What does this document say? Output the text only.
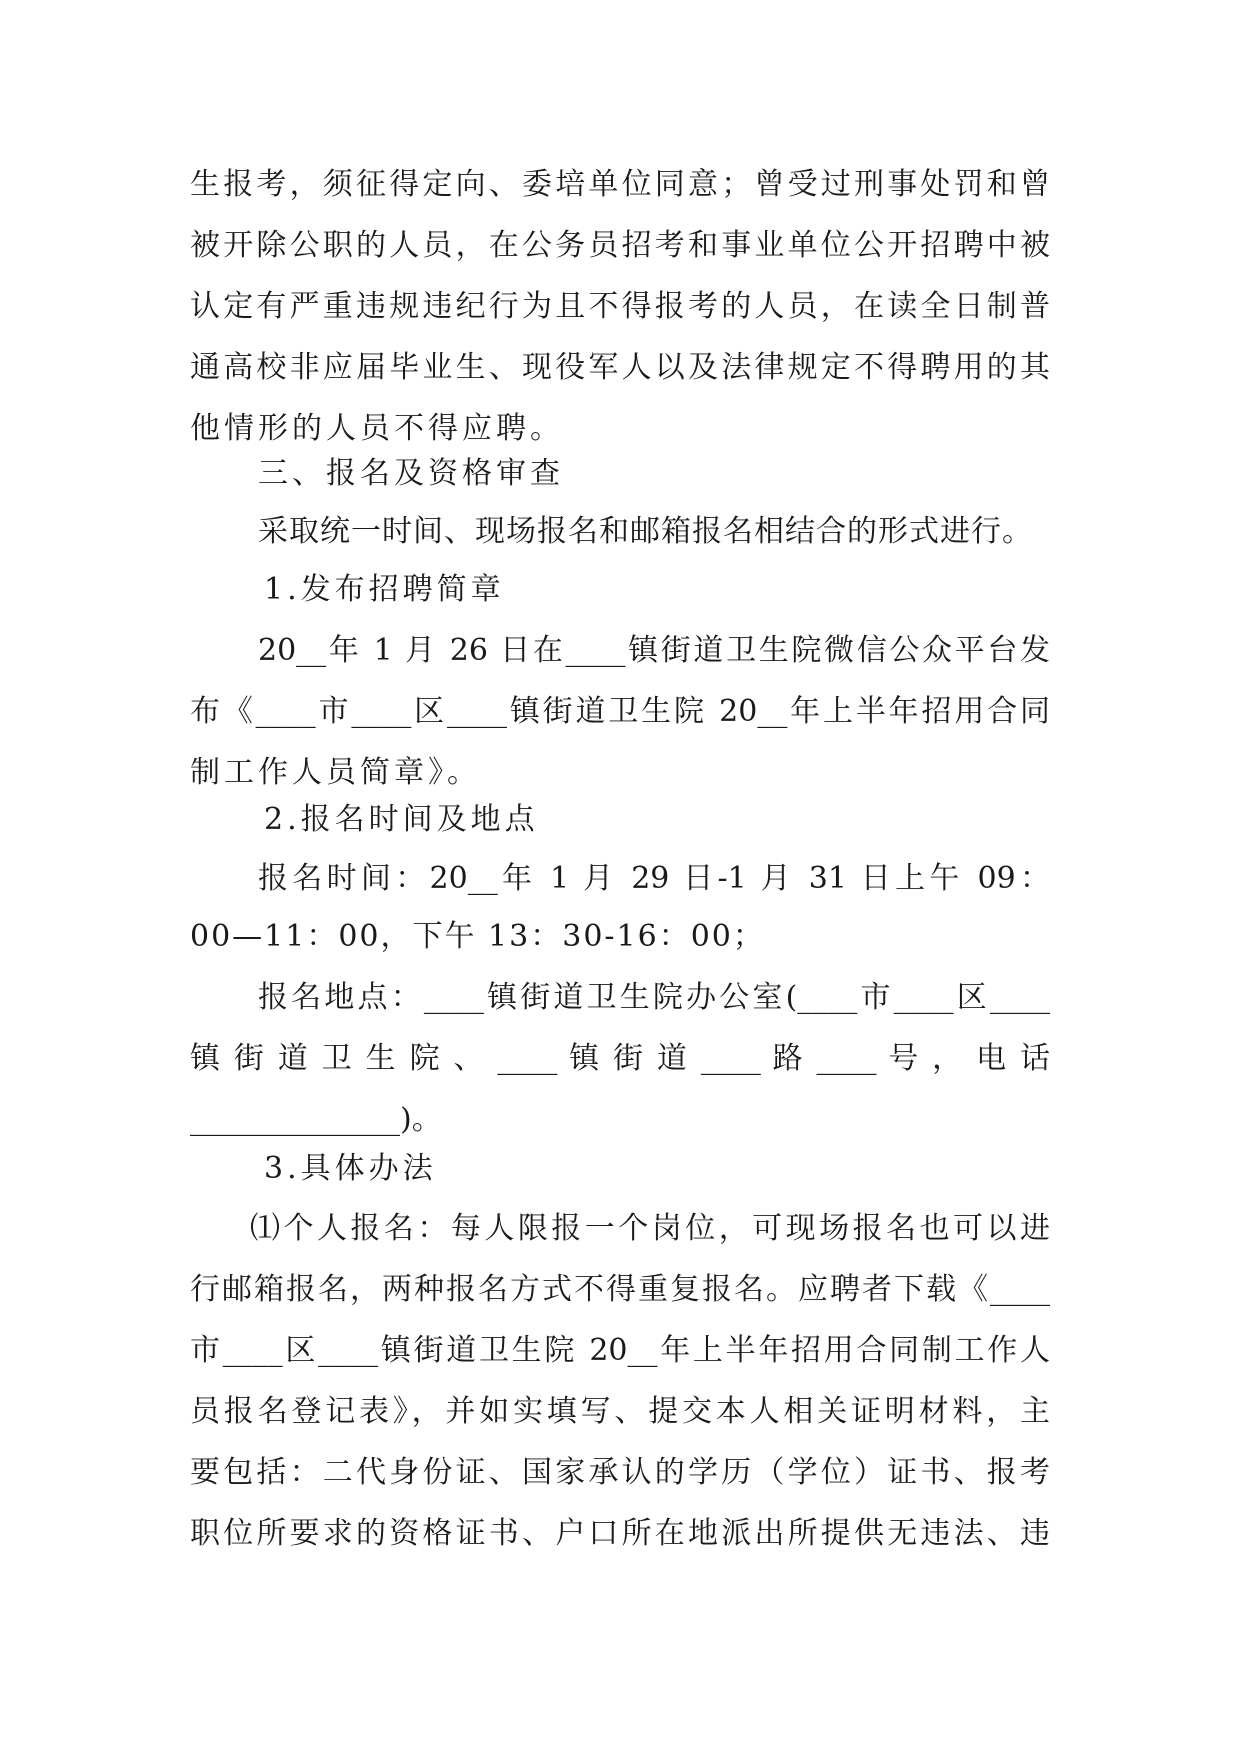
生报考，须征得定向、委培单位同意；曾受过刑事处罚和曾
被开除公职的人员，在公务员招考和事业单位公开招聘中被
认定有严重违规违纪行为且不得报考的人员，在读全日制普
通高校非应届毕业生、现役军人以及法律规定不得聘用的其
他情形的人员不得应聘。
三、报名及资格审查
采取统一时间、现场报名和邮箱报名相结合的形式进行。
1.发布招聘简章
20__年 1 月 26 日在____镇街道卫生院微信公众平台发
布《____市____区____镇街道卫生院 20__年上半年招用合同
制工作人员简章》。
2.报名时间及地点
报名时间：20__年 1 月 29 日-1 月 31 日上午 09：
00—11：00，下午 13：30-16：00；
报名地点：____镇街道卫生院办公室(____市____区____
镇 街 道 卫 生 院 、 ____ 镇 街 道 ____ 路 ____ 号 ， 电 话
______________)。
3.具体办法
⑴个人报名：每人限报一个岗位，可现场报名也可以进
行邮箱报名，两种报名方式不得重复报名。应聘者下载《____
市____区____镇街道卫生院 20__年上半年招用合同制工作人
员报名登记表》，并如实填写、提交本人相关证明材料，主
要包括：二代身份证、国家承认的学历（学位）证书、报考
职位所要求的资格证书、户口所在地派出所提供无违法、违
